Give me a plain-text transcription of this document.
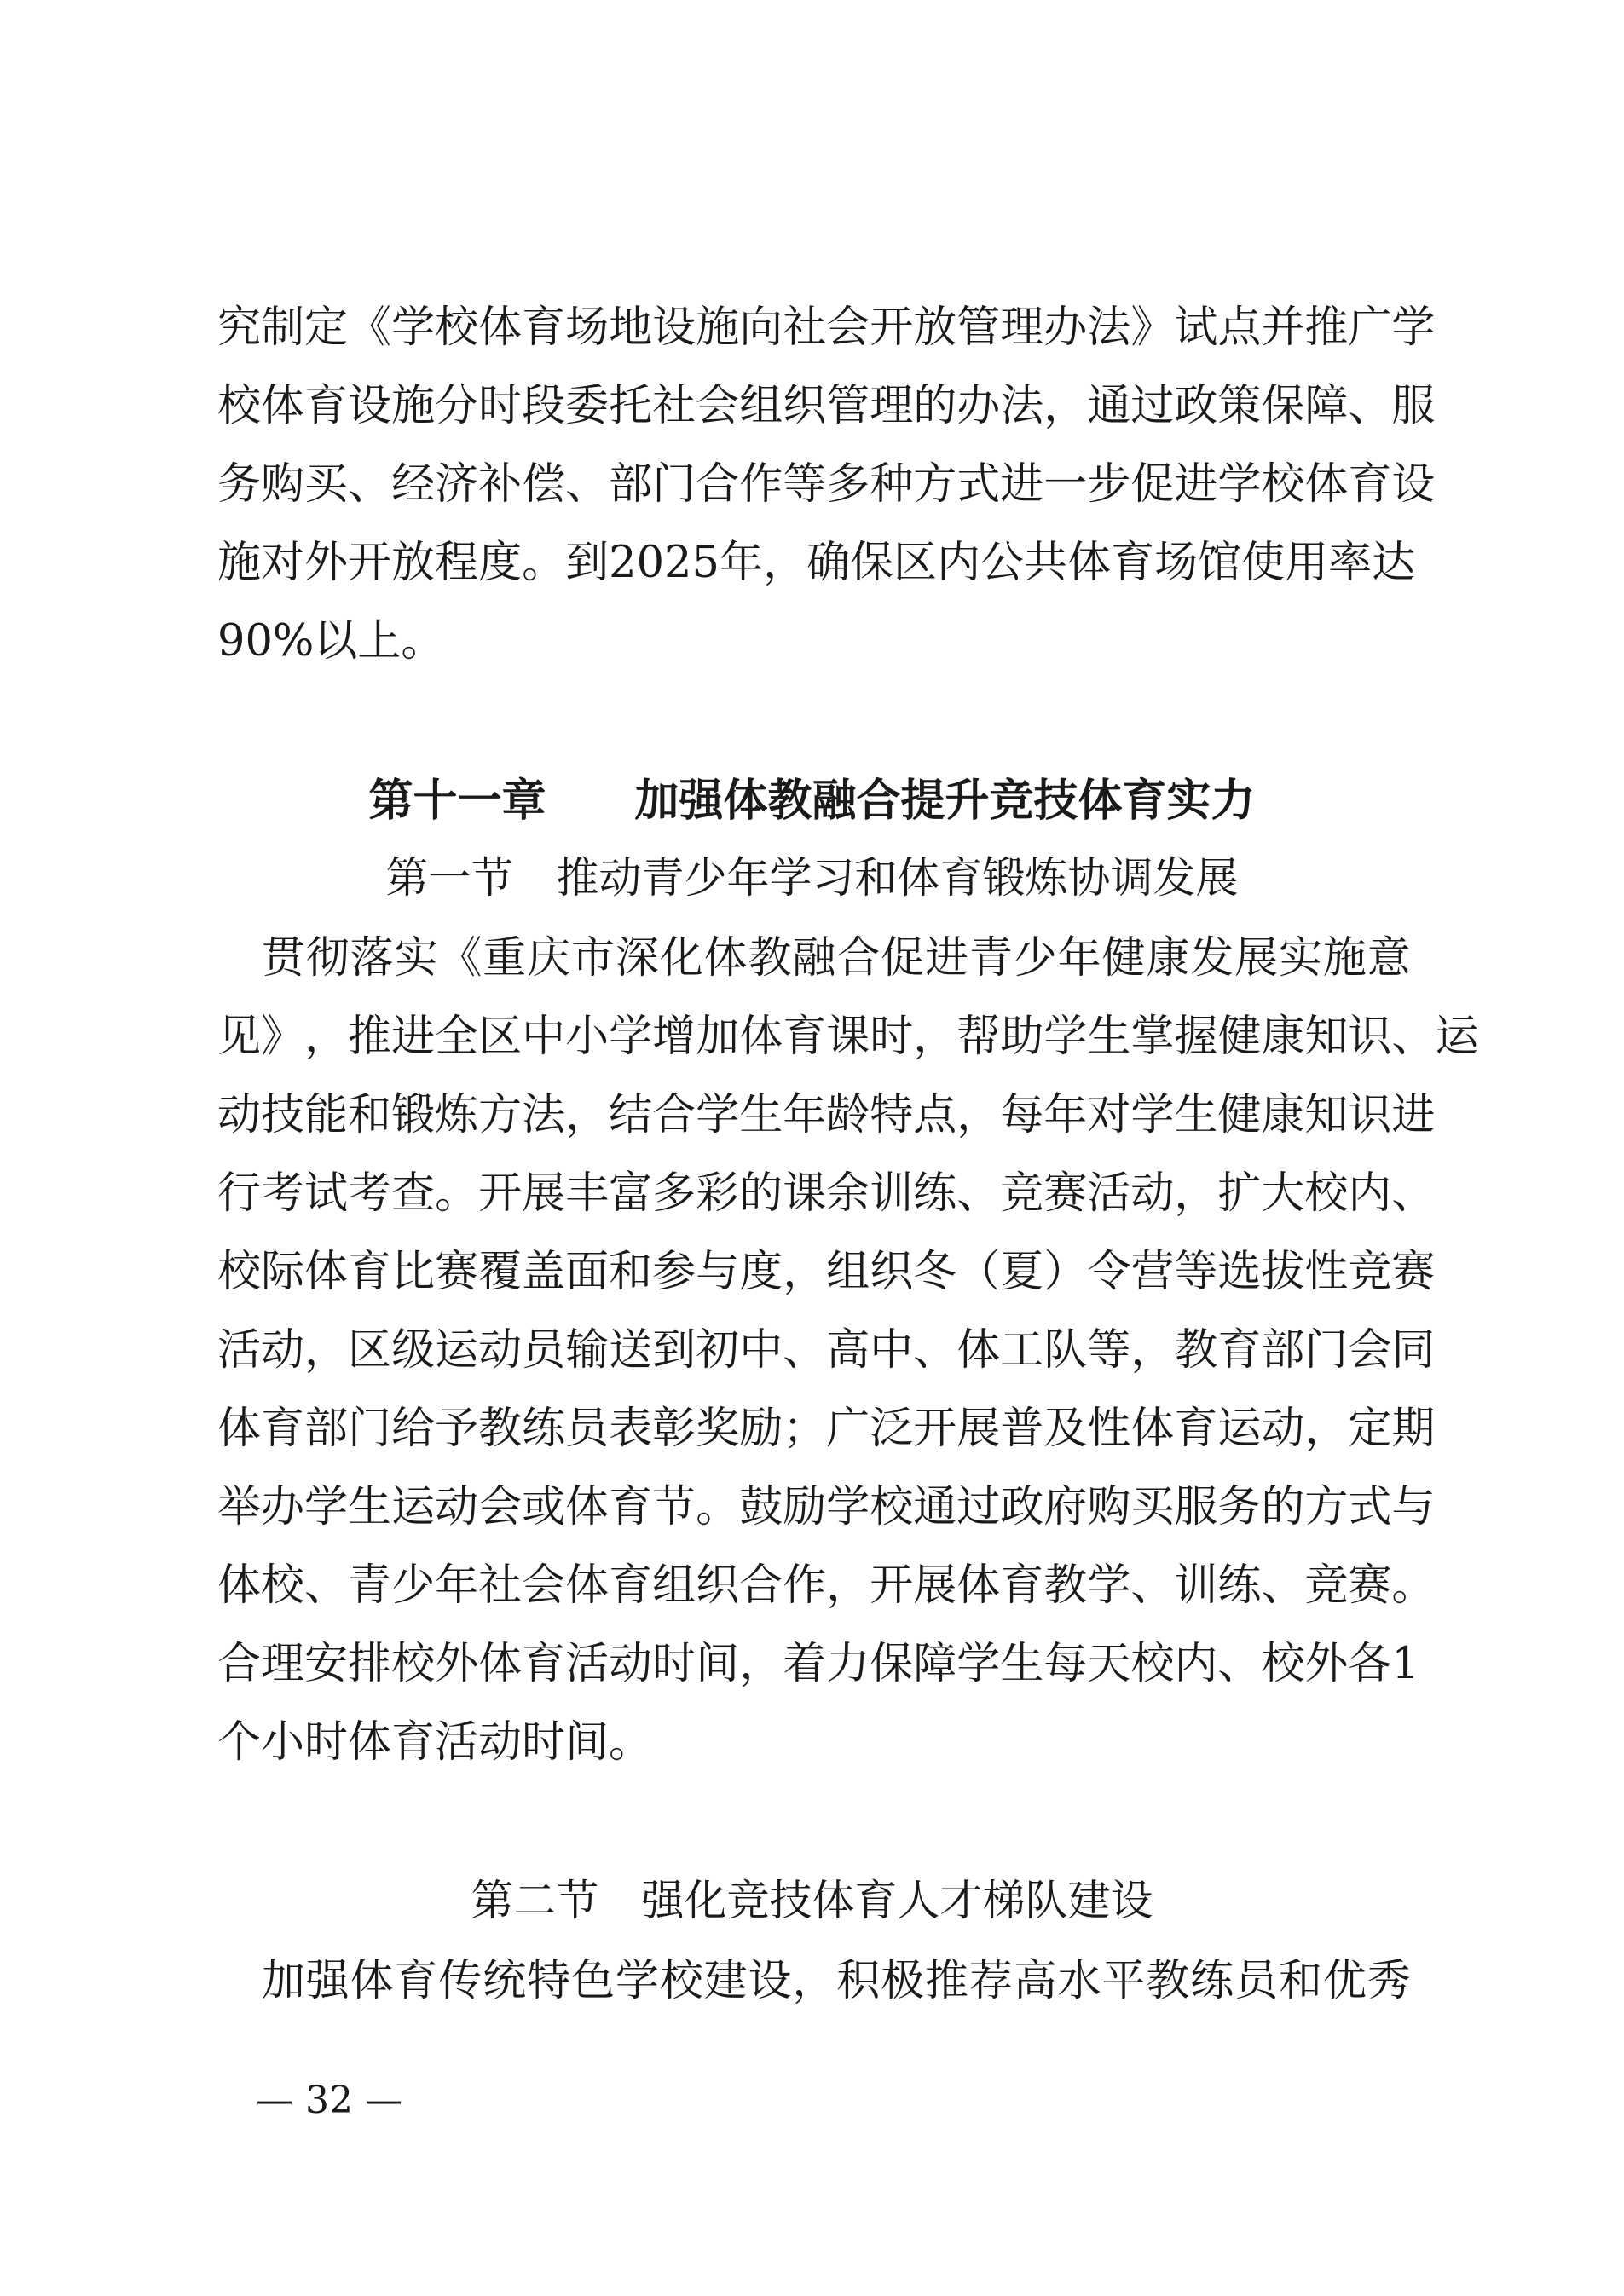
究 制 定 《 学 校 体 育 场 地 设 施 向 社 会 开 放 管 理 办 法 》 试 点 并 推 广 学
校 体 育 设 施 分 时 段 委 托 社 会 组 织 管 理 的 办 法 ， 通 过 政 策 保 障 、 服
务 购 买 、 经 济 补 偿 、 部 门 合 作 等 多 种 方 式 进 一 步 促 进 学 校 体 育 设
施 对 外 开 放 程 度 。 到 2025 年 ， 确 保 区 内 公 共 体 育 场 馆 使 用 率 达
90%以上。
第十一章　　加强体教融合提升竞技体育实力
第一节　推动青少年学习和体育锻炼协调发展

贯 彻 落 实 《 重 庆 市 深 化 体 教 融 合 促 进 青 少 年 健 康 发 展 实 施 意
见 》 ， 推 进 全 区 中 小 学 增 加 体 育 课 时 ， 帮 助 学 生 掌 握 健 康 知 识 、 运
动 技 能 和 锻 炼 方 法 ， 结 合 学 生 年 龄 特 点 ， 每 年 对 学 生 健 康 知 识 进
行 考 试 考 查 。 开 展 丰 富 多 彩 的 课 余 训 练 、 竞 赛 活 动 ， 扩 大 校 内 、
校 际 体 育 比 赛 覆 盖 面 和 参 与 度 ， 组 织 冬 （ 夏 ） 令 营 等 选 拔 性 竞 赛
活 动 ， 区 级 运 动 员 输 送 到 初 中 、 高 中 、 体 工 队 等 ， 教 育 部 门 会 同
体 育 部 门 给 予 教 练 员 表 彰 奖 励 ； 广 泛 开 展 普 及 性 体 育 运 动 ， 定 期
举 办 学 生 运 动 会 或 体 育 节 。 鼓 励 学 校 通 过 政 府 购 买 服 务 的 方 式 与
体 校 、 青 少 年 社 会 体 育 组 织 合 作 ， 开 展 体 育 教 学 、 训 练 、 竞 赛 。
合 理 安 排 校 外 体 育 活 动 时 间 ， 着 力 保 障 学 生 每 天 校 内 、 校 外 各 1
个小时体育活动时间。
第二节　强化竞技体育人才梯队建设

加 强 体 育 传 统 特 色 学 校 建 设 ， 积 极 推 荐 高 水 平 教 练 员 和 优 秀
— 32 —
